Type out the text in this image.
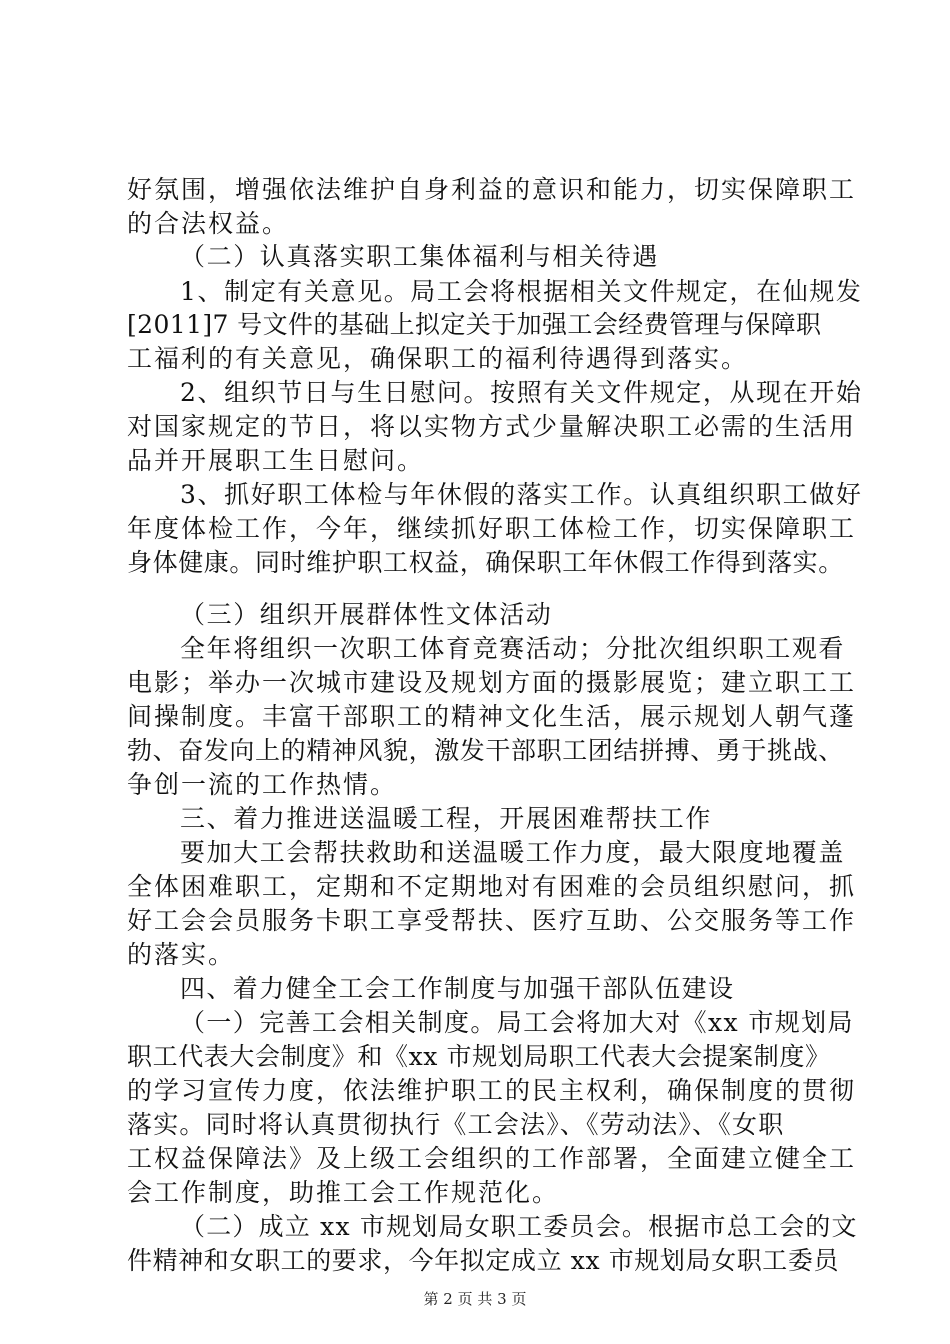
好氛围，增强依法维护自身利益的意识和能力，切实保障职工
的合法权益。
（二）认真落实职工集体福利与相关待遇
1、制定有关意见。局工会将根据相关文件规定，在仙规发
[2011]7 号文件的基础上拟定关于加强工会经费管理与保障职
工福利的有关意见，确保职工的福利待遇得到落实。
2、组织节日与生日慰问。按照有关文件规定，从现在开始
对国家规定的节日，将以实物方式少量解决职工必需的生活用
品并开展职工生日慰问。
3、抓好职工体检与年休假的落实工作。认真组织职工做好
年度体检工作，今年，继续抓好职工体检工作，切实保障职工
身体健康。同时维护职工权益，确保职工年休假工作得到落实。
（三）组织开展群体性文体活动
全年将组织一次职工体育竞赛活动；分批次组织职工观看
电影；举办一次城市建设及规划方面的摄影展览；建立职工工
间操制度。丰富干部职工的精神文化生活，展示规划人朝气蓬
勃、奋发向上的精神风貌，激发干部职工团结拼搏、勇于挑战、
争创一流的工作热情。
三、着力推进送温暖工程，开展困难帮扶工作
要加大工会帮扶救助和送温暖工作力度，最大限度地覆盖
全体困难职工，定期和不定期地对有困难的会员组织慰问，抓
好工会会员服务卡职工享受帮扶、医疗互助、公交服务等工作
的落实。
四、着力健全工会工作制度与加强干部队伍建设
（一）完善工会相关制度。局工会将加大对《xx 市规划局
职工代表大会制度》和《xx 市规划局职工代表大会提案制度》
的学习宣传力度，依法维护职工的民主权利，确保制度的贯彻
落实。同时将认真贯彻执行《工会法》、《劳动法》、《女职
工权益保障法》及上级工会组织的工作部署，全面建立健全工
会工作制度，助推工会工作规范化。
（二）成立 xx 市规划局女职工委员会。根据市总工会的文
件精神和女职工的要求，今年拟定成立 xx 市规划局女职工委员
第 2 页 共 3 页
